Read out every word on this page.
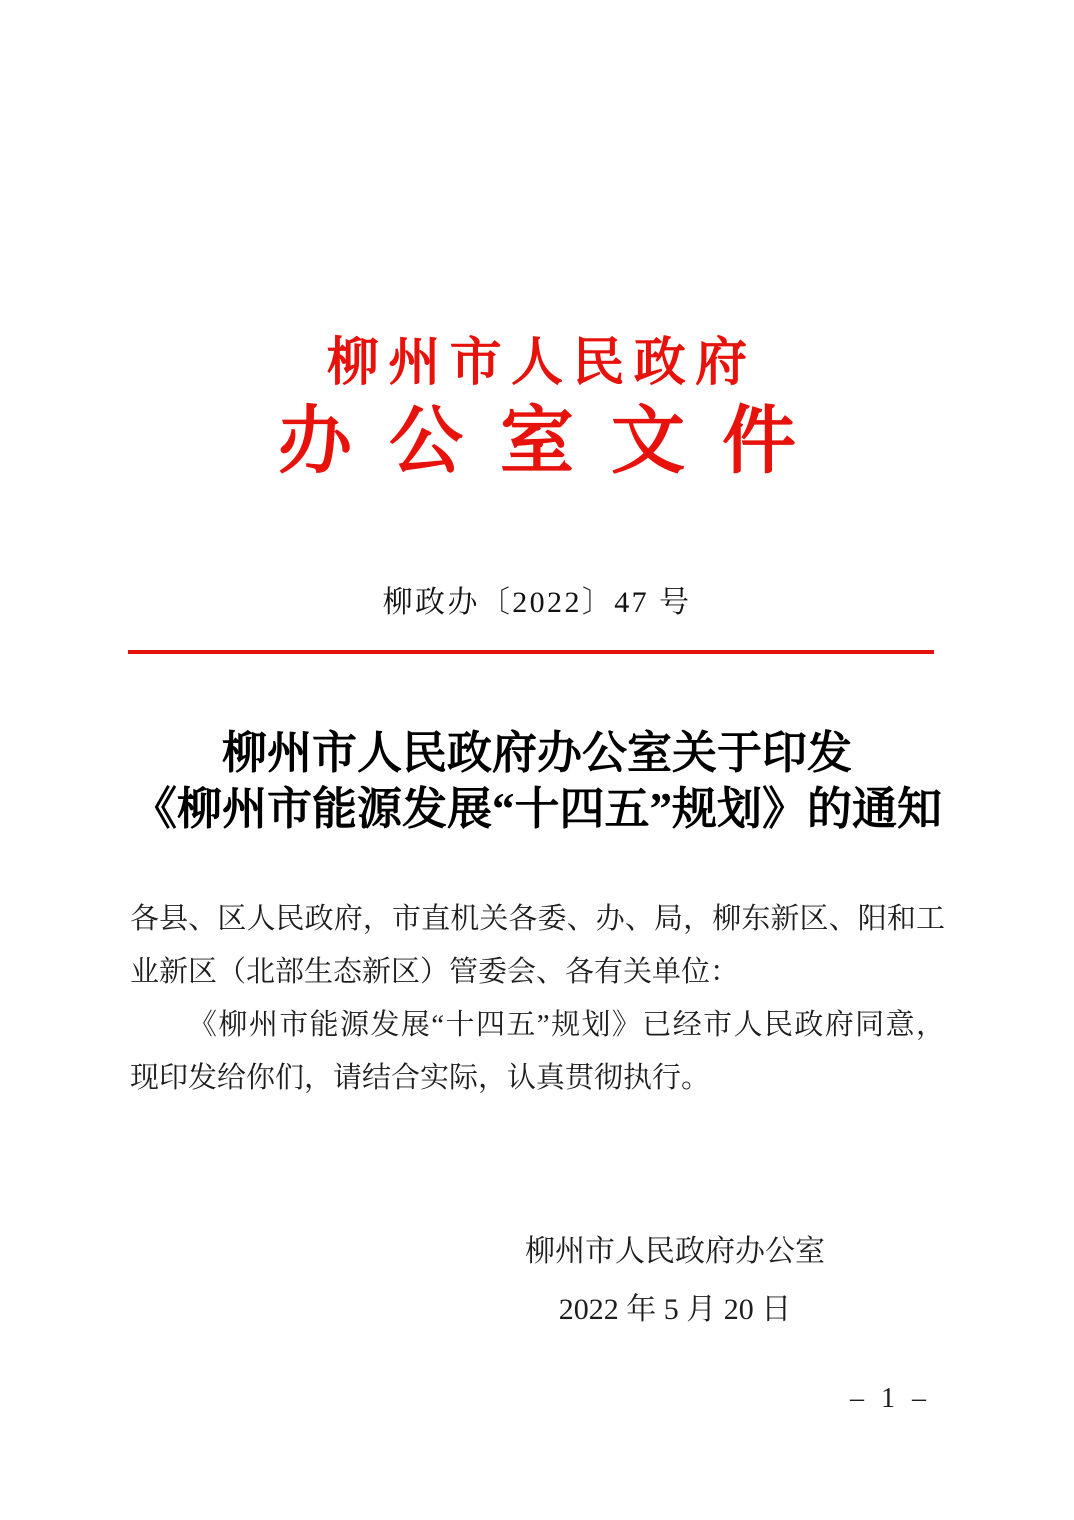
柳州市人民政府
办公室文件
柳政办〔2022〕47 号
柳州市人民政府办公室关于印发
《柳州市能源发展“十四五”规划》的通知
各县、区人民政府，市直机关各委、办、局，柳东新区、阳和工
业新区（北部生态新区）管委会、各有关单位：
《柳州市能源发展“十四五”规划》已经市人民政府同意，
现印发给你们，请结合实际，认真贯彻执行。
柳州市人民政府办公室
2022 年 5 月 20 日
– 1 –
